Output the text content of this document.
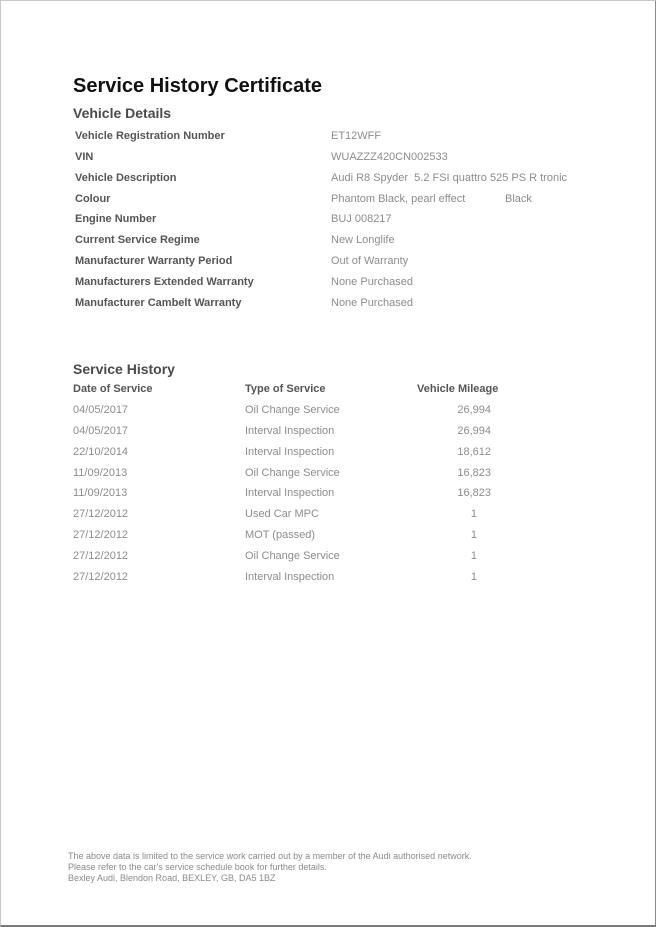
Service History Certificate
Vehicle Details
Vehicle Registration Number	ET12WFF
VIN	WUAZZZ420CN002533
Vehicle Description	Audi R8 Spyder  5.2 FSI quattro 525 PS R tronic
Colour	Phantom Black, pearl effect	Black
Engine Number	BUJ 008217
Current Service Regime	New Longlife
Manufacturer Warranty Period	Out of Warranty
Manufacturers Extended Warranty	None Purchased
Manufacturer Cambelt Warranty	None Purchased
Service History
Date of Service	Type of Service	Vehicle Mileage
04/05/2017	Oil Change Service	26,994
04/05/2017	Interval Inspection	26,994
22/10/2014	Interval Inspection	18,612
11/09/2013	Oil Change Service	16,823
11/09/2013	Interval Inspection	16,823
27/12/2012	Used Car MPC	1
27/12/2012	MOT (passed)	1
27/12/2012	Oil Change Service	1
27/12/2012	Interval Inspection	1
The above data is limited to the service work carried out by a member of the Audi authorised network.
Please refer to the car's service schedule book for further details.
Bexley Audi, Blendon Road, BEXLEY, GB, DA5 1BZ
